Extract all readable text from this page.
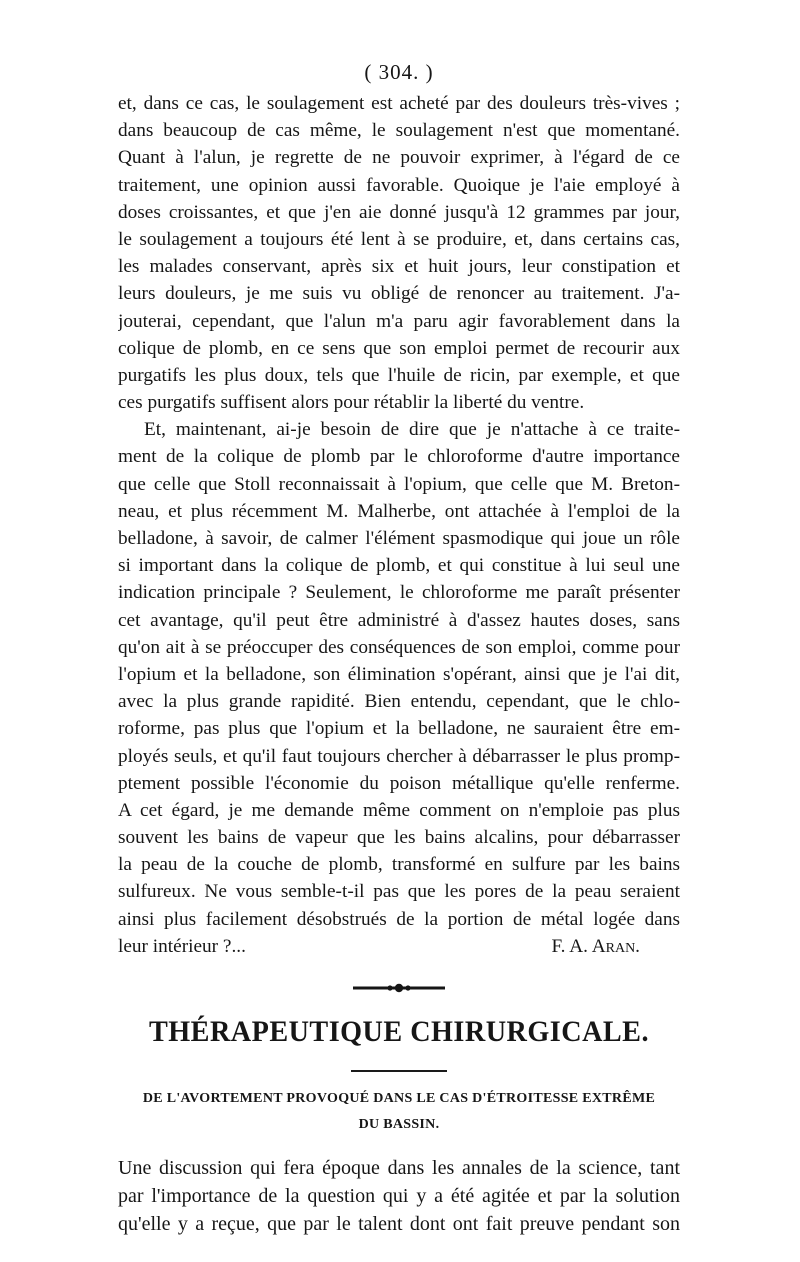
( 304. )
et, dans ce cas, le soulagement est acheté par des douleurs très-vives ;
dans beaucoup de cas même, le soulagement n'est que momentané.
Quant à l'alun, je regrette de ne pouvoir exprimer, à l'égard de ce
traitement, une opinion aussi favorable. Quoique je l'aie employé à
doses croissantes, et que j'en aie donné jusqu'à 12 grammes par jour,
le soulagement a toujours été lent à se produire, et, dans certains cas,
les malades conservant, après six et huit jours, leur constipation et
leurs douleurs, je me suis vu obligé de renoncer au traitement. J'a-
jouterai, cependant, que l'alun m'a paru agir favorablement dans la
colique de plomb, en ce sens que son emploi permet de recourir aux
purgatifs les plus doux, tels que l'huile de ricin, par exemple, et que
ces purgatifs suffisent alors pour rétablir la liberté du ventre.
Et, maintenant, ai-je besoin de dire que je n'attache à ce traite-
ment de la colique de plomb par le chloroforme d'autre importance
que celle que Stoll reconnaissait à l'opium, que celle que M. Breton-
neau, et plus récemment M. Malherbe, ont attachée à l'emploi de la
belladone, à savoir, de calmer l'élément spasmodique qui joue un rôle
si important dans la colique de plomb, et qui constitue à lui seul une
indication principale ? Seulement, le chloroforme me paraît présenter
cet avantage, qu'il peut être administré à d'assez hautes doses, sans
qu'on ait à se préoccuper des conséquences de son emploi, comme pour
l'opium et la belladone, son élimination s'opérant, ainsi que je l'ai dit,
avec la plus grande rapidité. Bien entendu, cependant, que le chlo-
roforme, pas plus que l'opium et la belladone, ne sauraient être em-
ployés seuls, et qu'il faut toujours chercher à débarrasser le plus promp-
ptement possible l'économie du poison métallique qu'elle renferme.
A cet égard, je me demande même comment on n'emploie pas plus
souvent les bains de vapeur que les bains alcalins, pour débarrasser
la peau de la couche de plomb, transformé en sulfure par les bains
sulfureux. Ne vous semble-t-il pas que les pores de la peau seraient
ainsi plus facilement désobstrués de la portion de métal logée dans
leur intérieur ?...	F. A. Aran.
THÉRAPEUTIQUE CHIRURGICALE.
DE L'AVORTEMENT PROVOQUÉ DANS LE CAS D'ÉTROITESSE EXTRÊME
DU BASSIN.
Une discussion qui fera époque dans les annales de la science, tant
par l'importance de la question qui y a été agitée et par la solution
qu'elle y a reçue, que par le talent dont ont fait preuve pendant son
